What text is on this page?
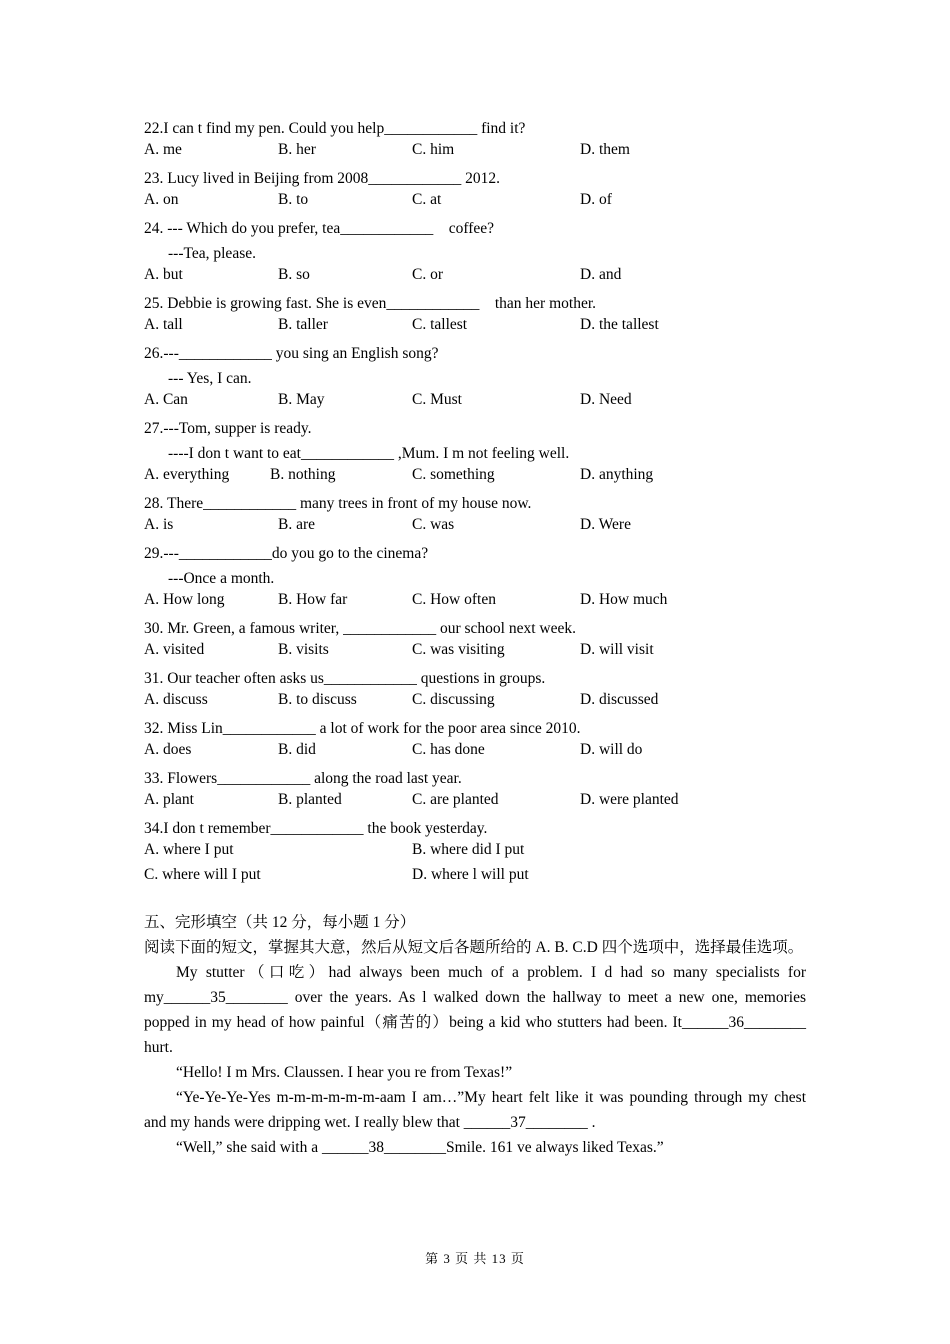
22.I can t find my pen. Could you help____________ find it?
A. me	B. her	C. him	D. them
23. Lucy lived in Beijing from 2008____________ 2012.
A. on	B. to	C. at	D. of
24. --- Which do you prefer, tea____________    coffee?
---Tea, please.
A. but	B. so	C. or	D. and
25. Debbie is growing fast. She is even____________    than her mother.
A. tall	B. taller	C. tallest	D. the tallest
26.---____________ you sing an English song?
--- Yes, I can.
A. Can	B. May	C. Must	D. Need
27.---Tom, supper is ready.
----I don t want to eat____________ ,Mum. I m not feeling well.
A. everything	B. nothing	C. something	D. anything
28. There____________ many trees in front of my house now.
A. is	B. are	C. was	D. Were
29.---____________do you go to the cinema?
---Once a month.
A. How long	B. How far	C. How often	D. How much
30. Mr. Green, a famous writer, ____________ our school next week.
A. visited	B. visits	C. was visiting	D. will visit
31. Our teacher often asks us____________ questions in groups.
A. discuss	B. to discuss	C. discussing	D. discussed
32. Miss Lin____________ a lot of work for the poor area since 2010.
A. does	B. did	C. has done	D. will do
33. Flowers____________ along the road last year.
A. plant	B. planted	C. are planted	D. were planted
34.I don t remember____________ the book yesterday.
A. where I put	B. where did I put
C. where will I put	D. where l will put
五、完形填空（共 12 分，每小题 1 分）
阅读下面的短文，掌握其大意，然后从短文后各题所给的 A. B. C.D 四个选项中，选择最佳选项。
My stutter（口吃）had always been much of a problem. I d had so many specialists for my______35________ over the years. As l walked down the hallway to meet a new one, memories popped in my head of how painful（痛苦的）being a kid who stutters had been. It______36________ hurt.
“Hello! I m Mrs. Claussen. I hear you re from Texas!”
“Ye-Ye-Ye-Yes m-m-m-m-m-m-aam I am…”My heart felt like it was pounding through my chest and my hands were dripping wet. I really blew that ______37________ .
“Well,” she said with a ______38________Smile. 161 ve always liked Texas.”
第 3 页 共 13 页
